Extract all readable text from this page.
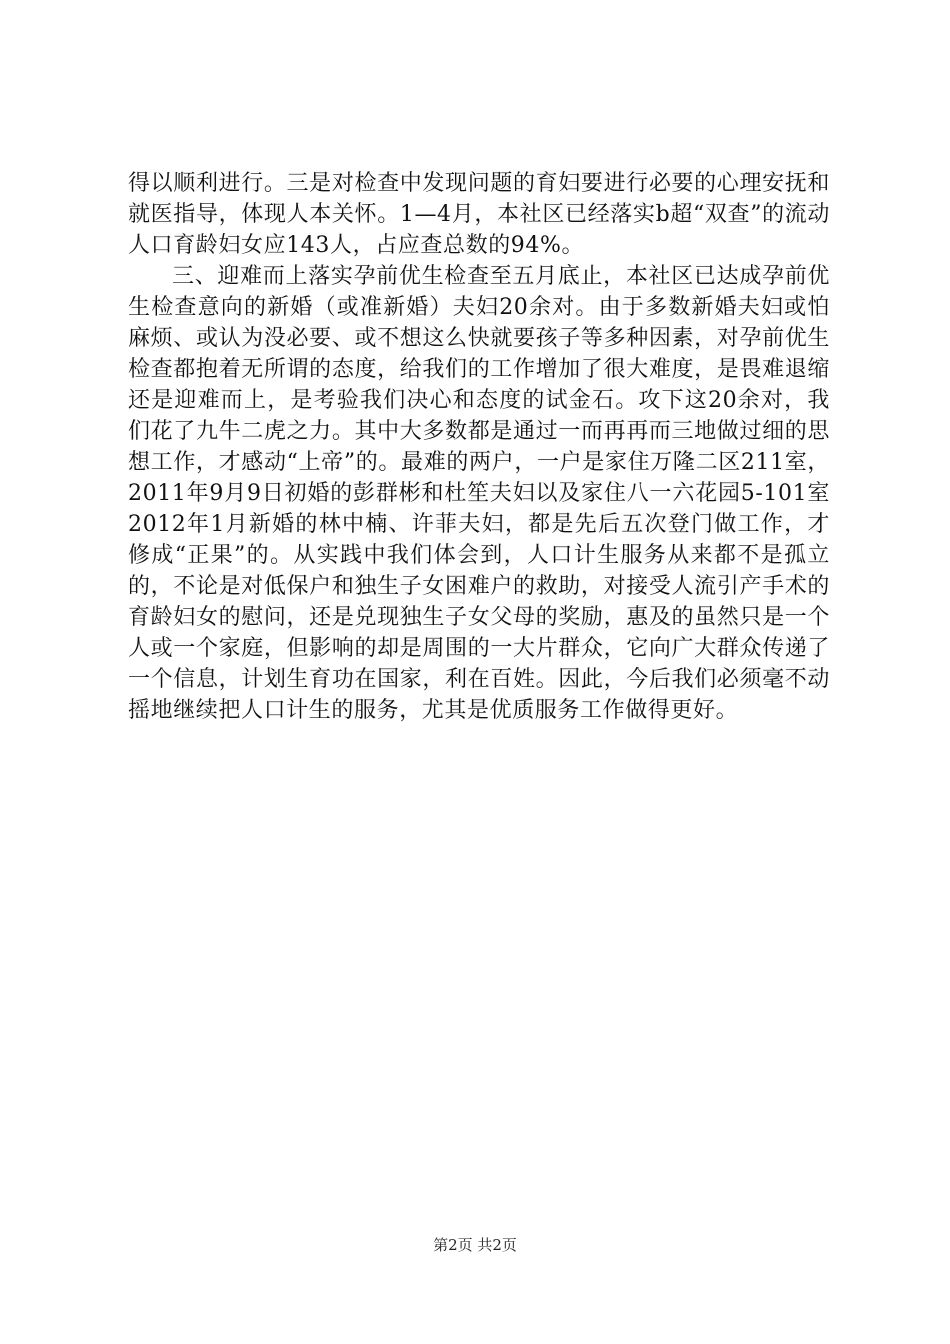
得以顺利进行。三是对检查中发现问题的育妇要进行必要的心理安抚和就医指导，体现人本关怀。1—4月，本社区已经落实b超“双查”的流动人口育龄妇女应143人，占应查总数的94%。

三、迎难而上落实孕前优生检查至五月底止，本社区已达成孕前优生检查意向的新婚（或准新婚）夫妇20余对。由于多数新婚夫妇或怕麻烦、或认为没必要、或不想这么快就要孩子等多种因素，对孕前优生检查都抱着无所谓的态度，给我们的工作增加了很大难度，是畏难退缩还是迎难而上，是考验我们决心和态度的试金石。攻下这20余对，我们花了九牛二虎之力。其中大多数都是通过一而再再而三地做过细的思想工作，才感动“上帝”的。最难的两户，一户是家住万隆二区211室，2011年9月9日初婚的彭群彬和杜笙夫妇以及家住八一六花园5-101室2012年1月新婚的林中楠、许菲夫妇，都是先后五次登门做工作，才修成“正果”的。从实践中我们体会到，人口计生服务从来都不是孤立的，不论是对低保户和独生子女困难户的救助，对接受人流引产手术的育龄妇女的慰问，还是兑现独生子女父母的奖励，惠及的虽然只是一个人或一个家庭，但影响的却是周围的一大片群众，它向广大群众传递了一个信息，计划生育功在国家，利在百姓。因此，今后我们必须毫不动摇地继续把人口计生的服务，尤其是优质服务工作做得更好。

第2页 共2页
